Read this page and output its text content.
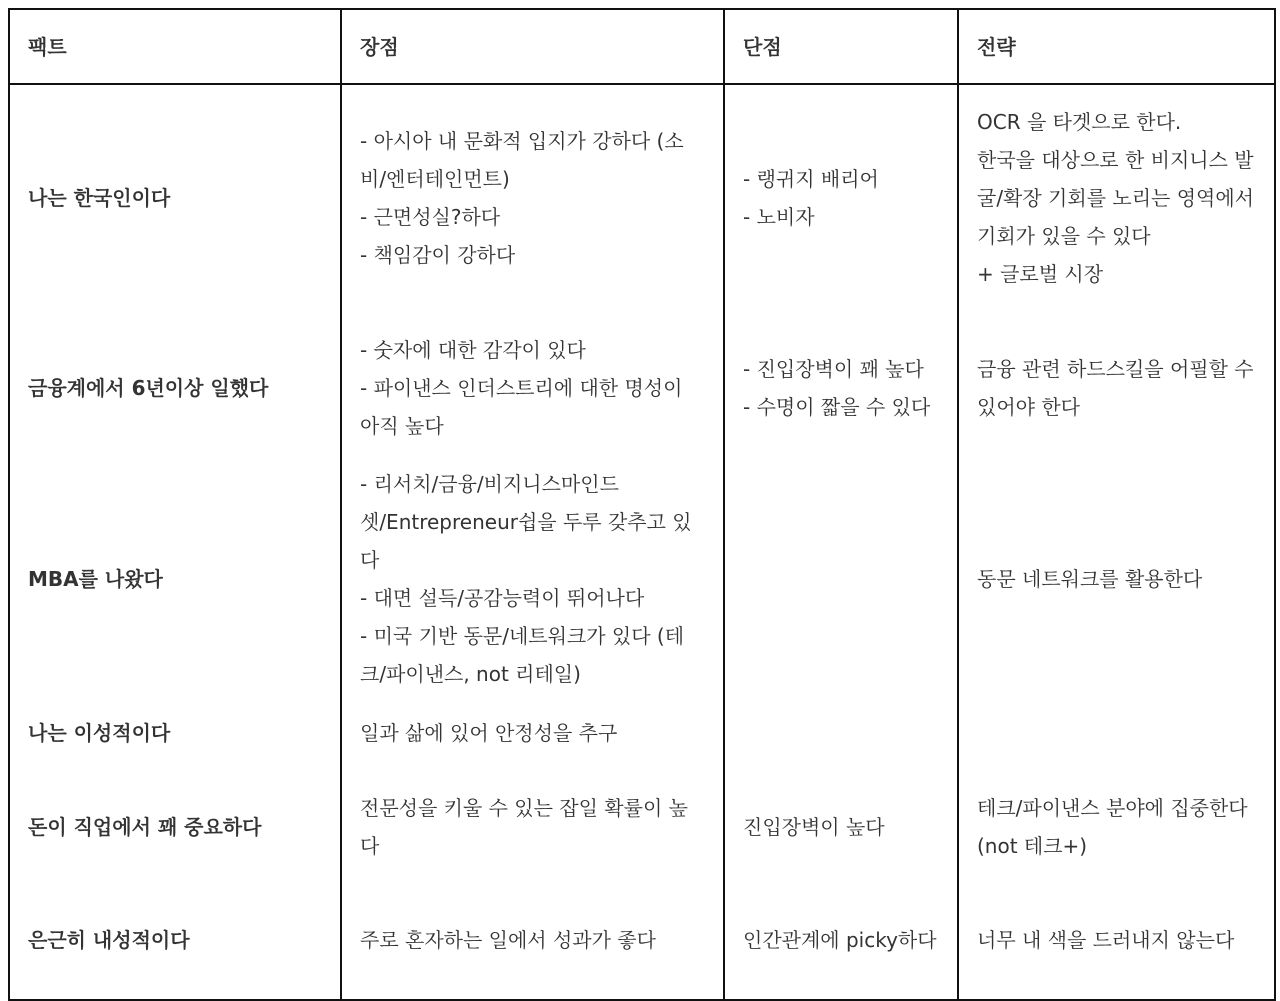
팩트	장점	단점	전략
나는 한국인이다	- 아시아 내 문화적 입지가 강하다 (소비/엔터테인먼트)
- 근면성실?하다
- 책임감이 강하다	- 랭귀지 배리어
- 노비자	OCR 을 타겟으로 한다.
한국을 대상으로 한 비지니스 발굴/확장 기회를 노리는 영역에서 기회가 있을 수 있다
+ 글로벌 시장

금융계에서 6년이상 일했다	- 숫자에 대한 감각이 있다
- 파이낸스 인더스트리에 대한 명성이 아직 높다	- 진입장벽이 꽤 높다
- 수명이 짧을 수 있다	금융 관련 하드스킬을 어필할 수 있어야 한다

MBA를 나왔다	- 리서치/금융/비지니스마인드셋/Entrepreneur쉽을 두루 갖추고 있다
- 대면 설득/공감능력이 뛰어나다
- 미국 기반 동문/네트워크가 있다 (테크/파이낸스, not 리테일)		동문 네트워크를 활용한다

나는 이성적이다	일과 삶에 있어 안정성을 추구		

돈이 직업에서 꽤 중요하다	전문성을 키울 수 있는 잡일 확률이 높다	진입장벽이 높다	테크/파이낸스 분야에 집중한다 (not 테크+)

은근히 내성적이다	주로 혼자하는 일에서 성과가 좋다	인간관계에 picky하다	너무 내 색을 드러내지 않는다
